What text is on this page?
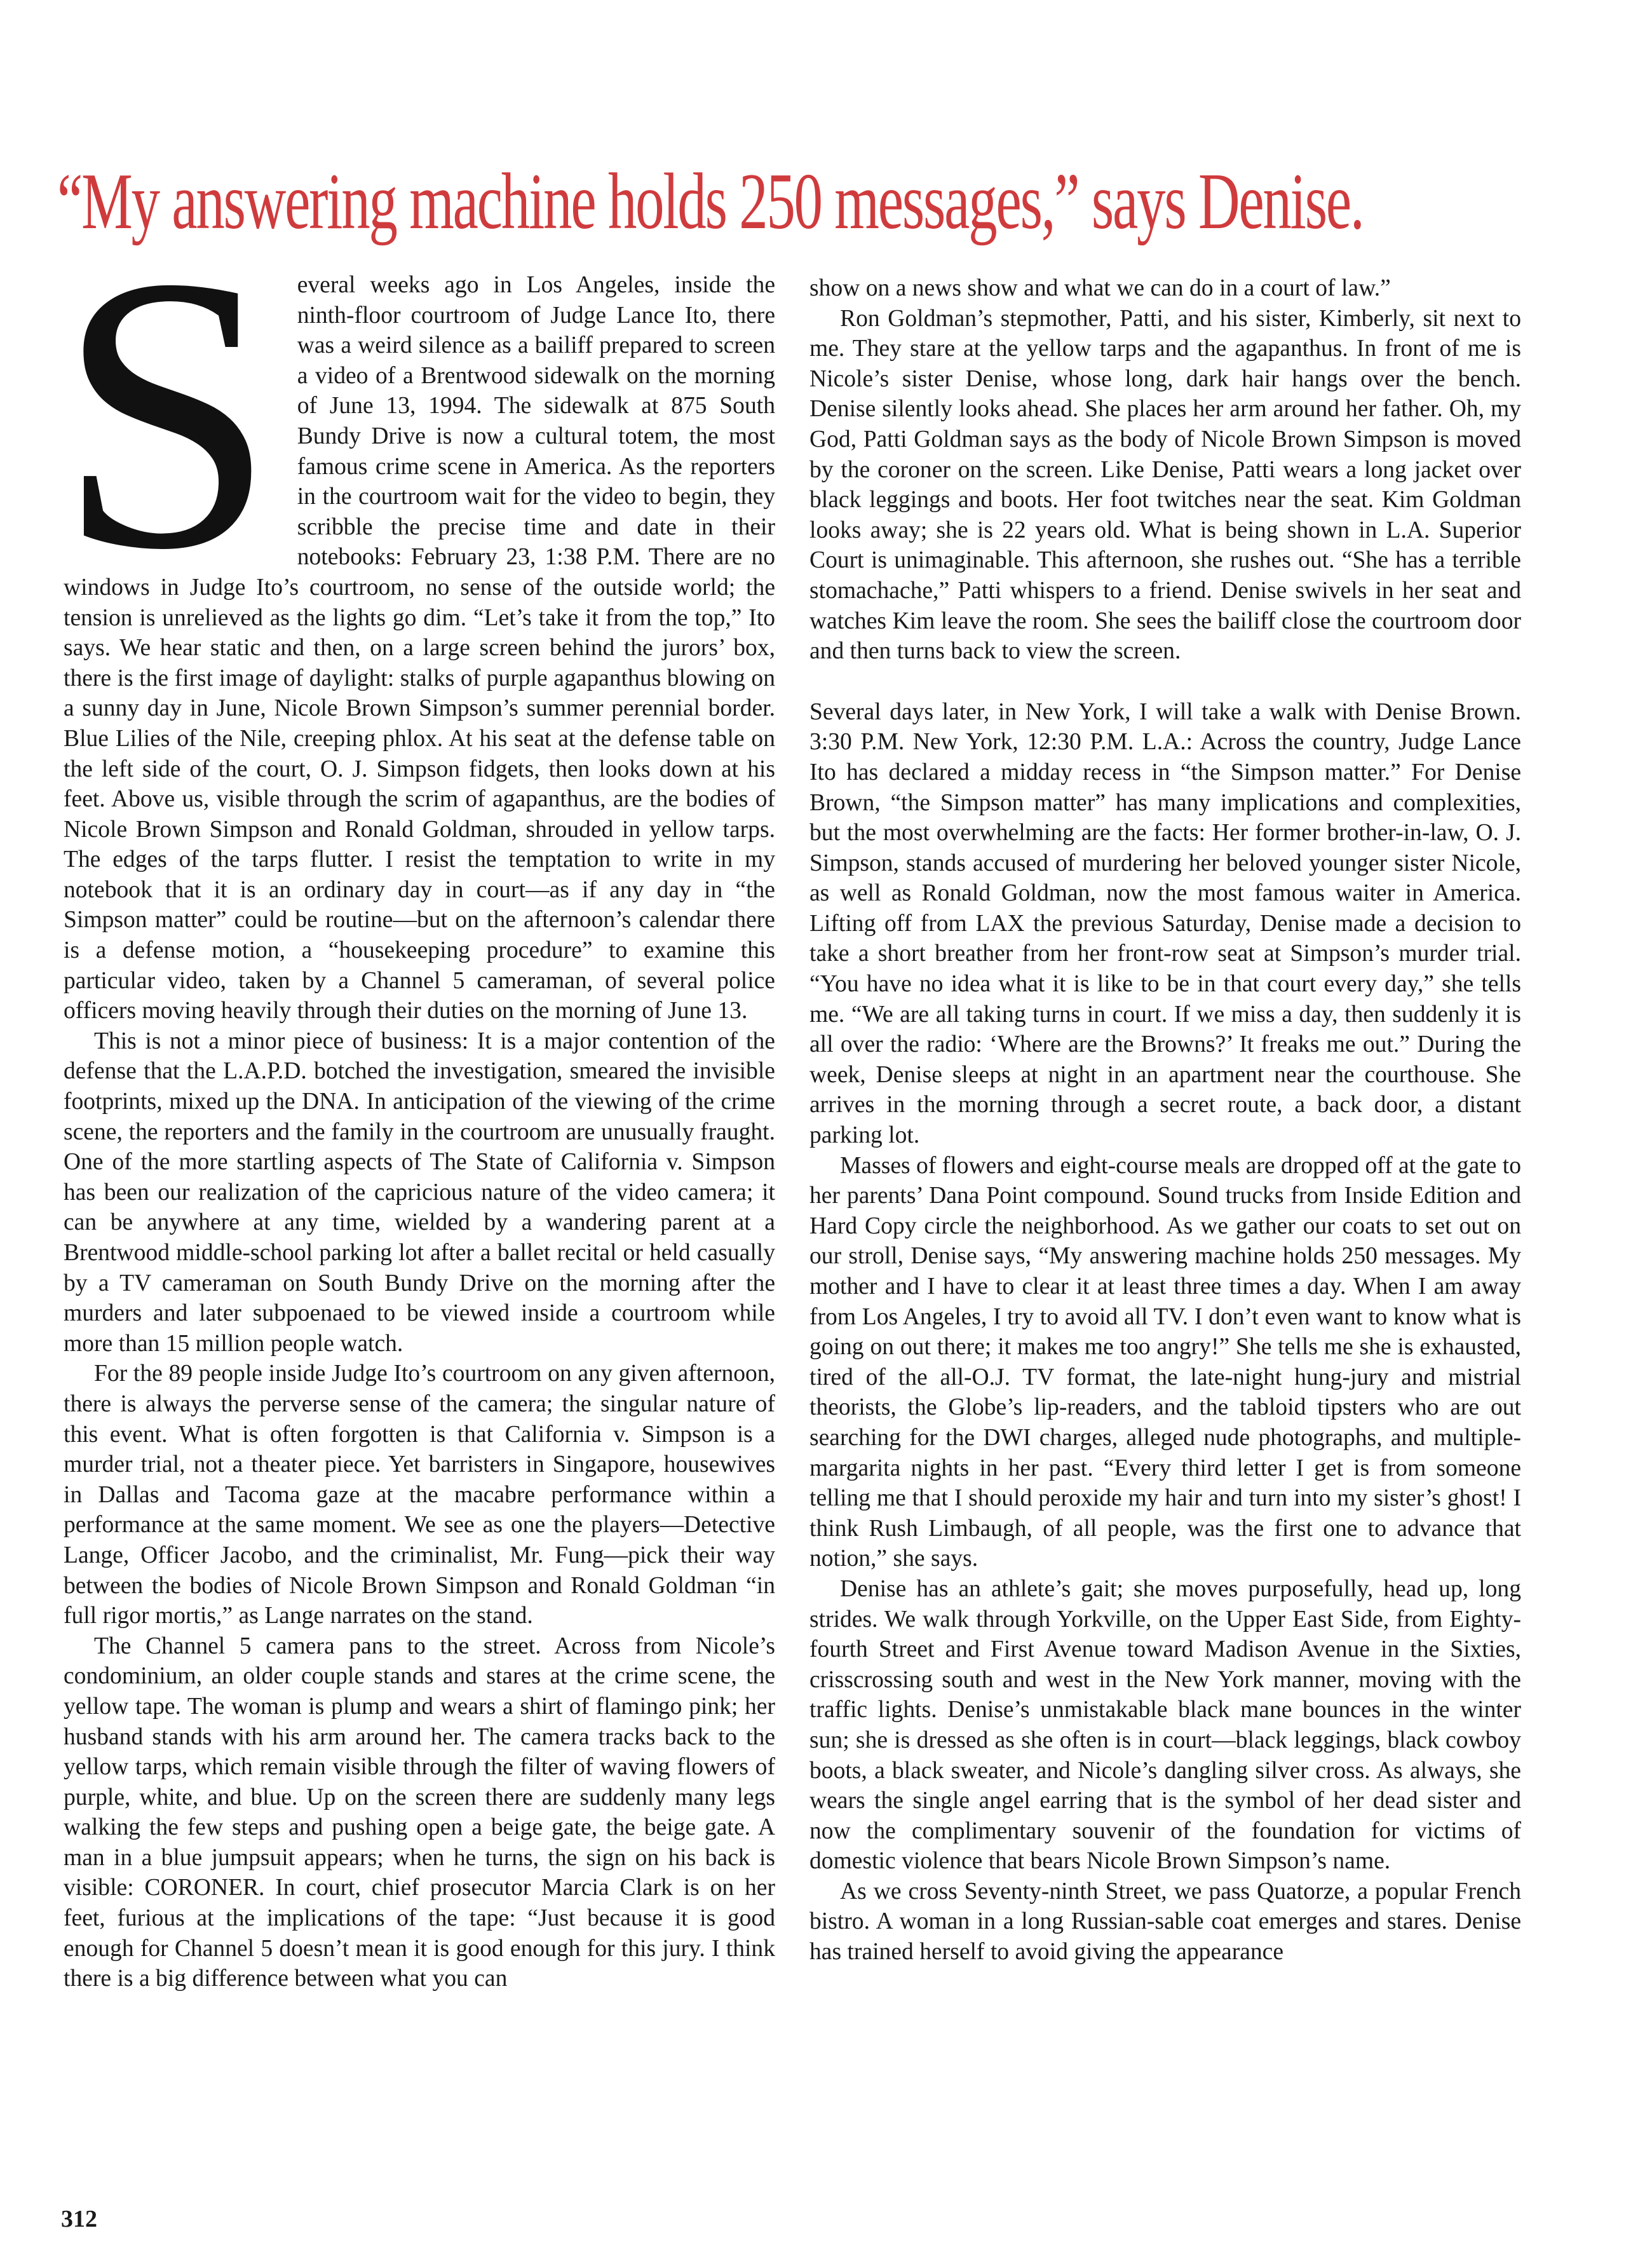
“My answering machine holds 250 messages,” says Denise.

Several weeks ago in Los Angeles, inside the ninth-floor courtroom of Judge Lance Ito, there was a weird silence as a bailiff prepared to screen a video of a Brentwood sidewalk on the morning of June 13, 1994. The sidewalk at 875 South Bundy Drive is now a cultural totem, the most famous crime scene in America. As the reporters in the courtroom wait for the video to begin, they scribble the precise time and date in their notebooks: February 23, 1:38 P.M. There are no windows in Judge Ito’s courtroom, no sense of the outside world; the tension is unrelieved as the lights go dim. “Let’s take it from the top,” Ito says. We hear static and then, on a large screen behind the jurors’ box, there is the first image of daylight: stalks of purple agapanthus blowing on a sunny day in June, Nicole Brown Simpson’s summer perennial border. Blue Lilies of the Nile, creeping phlox. At his seat at the defense table on the left side of the court, O. J. Simpson fidgets, then looks down at his feet. Above us, visible through the scrim of agapanthus, are the bodies of Nicole Brown Simpson and Ronald Goldman, shrouded in yellow tarps. The edges of the tarps flutter. I resist the temptation to write in my notebook that it is an ordinary day in court—as if any day in “the Simpson matter” could be routine—but on the afternoon’s calendar there is a defense motion, a “housekeeping procedure” to examine this particular video, taken by a Channel 5 cameraman, of several police officers moving heavily through their duties on the morning of June 13.

This is not a minor piece of business: It is a major contention of the defense that the L.A.P.D. botched the investigation, smeared the invisible footprints, mixed up the DNA. In anticipation of the viewing of the crime scene, the reporters and the family in the courtroom are unusually fraught. One of the more startling aspects of The State of California v. Simpson has been our realization of the capricious nature of the video camera; it can be anywhere at any time, wielded by a wandering parent at a Brentwood middle-school parking lot after a ballet recital or held casually by a TV cameraman on South Bundy Drive on the morning after the murders and later subpoenaed to be viewed inside a courtroom while more than 15 million people watch.

For the 89 people inside Judge Ito’s courtroom on any given afternoon, there is always the perverse sense of the camera; the singular nature of this event. What is often forgotten is that California v. Simpson is a murder trial, not a theater piece. Yet barristers in Singapore, housewives in Dallas and Tacoma gaze at the macabre performance within a performance at the same moment. We see as one the players—Detective Lange, Officer Jacobo, and the criminalist, Mr. Fung—pick their way between the bodies of Nicole Brown Simpson and Ronald Goldman “in full rigor mortis,” as Lange narrates on the stand.

The Channel 5 camera pans to the street. Across from Nicole’s condominium, an older couple stands and stares at the crime scene, the yellow tape. The woman is plump and wears a shirt of flamingo pink; her husband stands with his arm around her. The camera tracks back to the yellow tarps, which remain visible through the filter of waving flowers of purple, white, and blue. Up on the screen there are suddenly many legs walking the few steps and pushing open a beige gate, the beige gate. A man in a blue jumpsuit appears; when he turns, the sign on his back is visible: CORONER. In court, chief prosecutor Marcia Clark is on her feet, furious at the implications of the tape: “Just because it is good enough for Channel 5 doesn’t mean it is good enough for this jury. I think there is a big difference between what you can

show on a news show and what we can do in a court of law.”

Ron Goldman’s stepmother, Patti, and his sister, Kimberly, sit next to me. They stare at the yellow tarps and the agapanthus. In front of me is Nicole’s sister Denise, whose long, dark hair hangs over the bench. Denise silently looks ahead. She places her arm around her father. Oh, my God, Patti Goldman says as the body of Nicole Brown Simpson is moved by the coroner on the screen. Like Denise, Patti wears a long jacket over black leggings and boots. Her foot twitches near the seat. Kim Goldman looks away; she is 22 years old. What is being shown in L.A. Superior Court is unimaginable. This afternoon, she rushes out. “She has a terrible stomachache,” Patti whispers to a friend. Denise swivels in her seat and watches Kim leave the room. She sees the bailiff close the courtroom door and then turns back to view the screen.

Several days later, in New York, I will take a walk with Denise Brown. 3:30 P.M. New York, 12:30 P.M. L.A.: Across the country, Judge Lance Ito has declared a midday recess in “the Simpson matter.” For Denise Brown, “the Simpson matter” has many implications and complexities, but the most overwhelming are the facts: Her former brother-in-law, O. J. Simpson, stands accused of murdering her beloved younger sister Nicole, as well as Ronald Goldman, now the most famous waiter in America. Lifting off from LAX the previous Saturday, Denise made a decision to take a short breather from her front-row seat at Simpson’s murder trial. “You have no idea what it is like to be in that court every day,” she tells me. “We are all taking turns in court. If we miss a day, then suddenly it is all over the radio: ‘Where are the Browns?’ It freaks me out.” During the week, Denise sleeps at night in an apartment near the courthouse. She arrives in the morning through a secret route, a back door, a distant parking lot.

Masses of flowers and eight-course meals are dropped off at the gate to her parents’ Dana Point compound. Sound trucks from Inside Edition and Hard Copy circle the neighborhood. As we gather our coats to set out on our stroll, Denise says, “My answering machine holds 250 messages. My mother and I have to clear it at least three times a day. When I am away from Los Angeles, I try to avoid all TV. I don’t even want to know what is going on out there; it makes me too angry!” She tells me she is exhausted, tired of the all-O.J. TV format, the late-night hung-jury and mistrial theorists, the Globe’s lip-readers, and the tabloid tipsters who are out searching for the DWI charges, alleged nude photographs, and multiple-margarita nights in her past. “Every third letter I get is from someone telling me that I should peroxide my hair and turn into my sister’s ghost! I think Rush Limbaugh, of all people, was the first one to advance that notion,” she says.

Denise has an athlete’s gait; she moves purposefully, head up, long strides. We walk through Yorkville, on the Upper East Side, from Eighty-fourth Street and First Avenue toward Madison Avenue in the Sixties, crisscrossing south and west in the New York manner, moving with the traffic lights. Denise’s unmistakable black mane bounces in the winter sun; she is dressed as she often is in court—black leggings, black cowboy boots, a black sweater, and Nicole’s dangling silver cross. As always, she wears the single angel earring that is the symbol of her dead sister and now the complimentary souvenir of the foundation for victims of domestic violence that bears Nicole Brown Simpson’s name.

As we cross Seventy-ninth Street, we pass Quatorze, a popular French bistro. A woman in a long Russian-sable coat emerges and stares. Denise has trained herself to avoid giving the appearance

312
